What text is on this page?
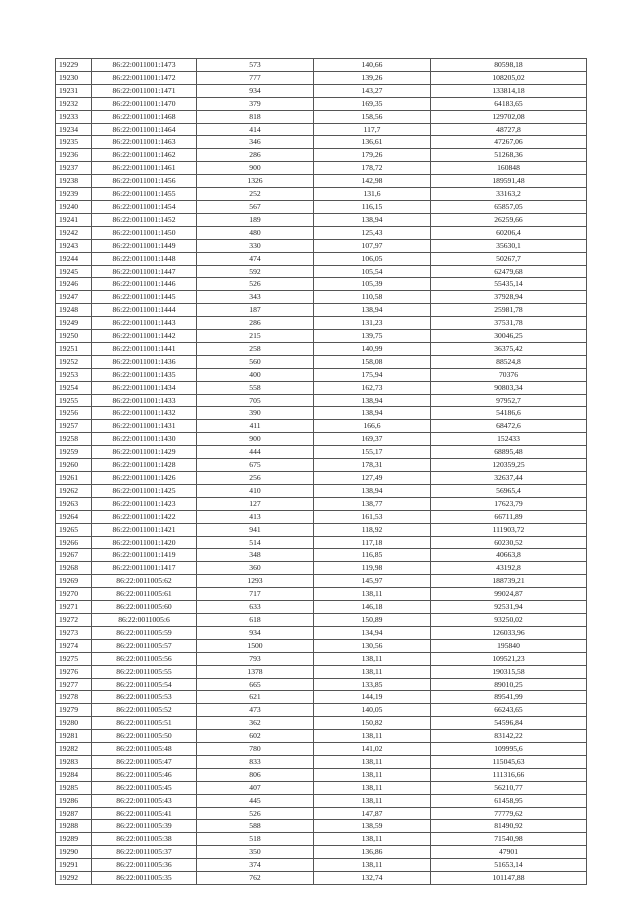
19229	86:22:0011001:1473	573	140,66	80598,18
19230	86:22:0011001:1472	777	139,26	108205,02
19231	86:22:0011001:1471	934	143,27	133814,18
19232	86:22:0011001:1470	379	169,35	64183,65
19233	86:22:0011001:1468	818	158,56	129702,08
19234	86:22:0011001:1464	414	117,7	48727,8
19235	86:22:0011001:1463	346	136,61	47267,06
19236	86:22:0011001:1462	286	179,26	51268,36
19237	86:22:0011001:1461	900	178,72	160848
19238	86:22:0011001:1456	1326	142,98	189591,48
19239	86:22:0011001:1455	252	131,6	33163,2
19240	86:22:0011001:1454	567	116,15	65857,05
19241	86:22:0011001:1452	189	138,94	26259,66
19242	86:22:0011001:1450	480	125,43	60206,4
19243	86:22:0011001:1449	330	107,97	35630,1
19244	86:22:0011001:1448	474	106,05	50267,7
19245	86:22:0011001:1447	592	105,54	62479,68
19246	86:22:0011001:1446	526	105,39	55435,14
19247	86:22:0011001:1445	343	110,58	37928,94
19248	86:22:0011001:1444	187	138,94	25981,78
19249	86:22:0011001:1443	286	131,23	37531,78
19250	86:22:0011001:1442	215	139,75	30046,25
19251	86:22:0011001:1441	258	140,99	36375,42
19252	86:22:0011001:1436	560	158,08	88524,8
19253	86:22:0011001:1435	400	175,94	70376
19254	86:22:0011001:1434	558	162,73	90803,34
19255	86:22:0011001:1433	705	138,94	97952,7
19256	86:22:0011001:1432	390	138,94	54186,6
19257	86:22:0011001:1431	411	166,6	68472,6
19258	86:22:0011001:1430	900	169,37	152433
19259	86:22:0011001:1429	444	155,17	68895,48
19260	86:22:0011001:1428	675	178,31	120359,25
19261	86:22:0011001:1426	256	127,49	32637,44
19262	86:22:0011001:1425	410	138,94	56965,4
19263	86:22:0011001:1423	127	138,77	17623,79
19264	86:22:0011001:1422	413	161,53	66711,89
19265	86:22:0011001:1421	941	118,92	111903,72
19266	86:22:0011001:1420	514	117,18	60230,52
19267	86:22:0011001:1419	348	116,85	40663,8
19268	86:22:0011001:1417	360	119,98	43192,8
19269	86:22:0011005:62	1293	145,97	188739,21
19270	86:22:0011005:61	717	138,11	99024,87
19271	86:22:0011005:60	633	146,18	92531,94
19272	86:22:0011005:6	618	150,89	93250,02
19273	86:22:0011005:59	934	134,94	126033,96
19274	86:22:0011005:57	1500	130,56	195840
19275	86:22:0011005:56	793	138,11	109521,23
19276	86:22:0011005:55	1378	138,11	190315,58
19277	86:22:0011005:54	665	133,85	89010,25
19278	86:22:0011005:53	621	144,19	89541,99
19279	86:22:0011005:52	473	140,05	66243,65
19280	86:22:0011005:51	362	150,82	54596,84
19281	86:22:0011005:50	602	138,11	83142,22
19282	86:22:0011005:48	780	141,02	109995,6
19283	86:22:0011005:47	833	138,11	115045,63
19284	86:22:0011005:46	806	138,11	111316,66
19285	86:22:0011005:45	407	138,11	56210,77
19286	86:22:0011005:43	445	138,11	61458,95
19287	86:22:0011005:41	526	147,87	77779,62
19288	86:22:0011005:39	588	138,59	81490,92
19289	86:22:0011005:38	518	138,11	71540,98
19290	86:22:0011005:37	350	136,86	47901
19291	86:22:0011005:36	374	138,11	51653,14
19292	86:22:0011005:35	762	132,74	101147,88
